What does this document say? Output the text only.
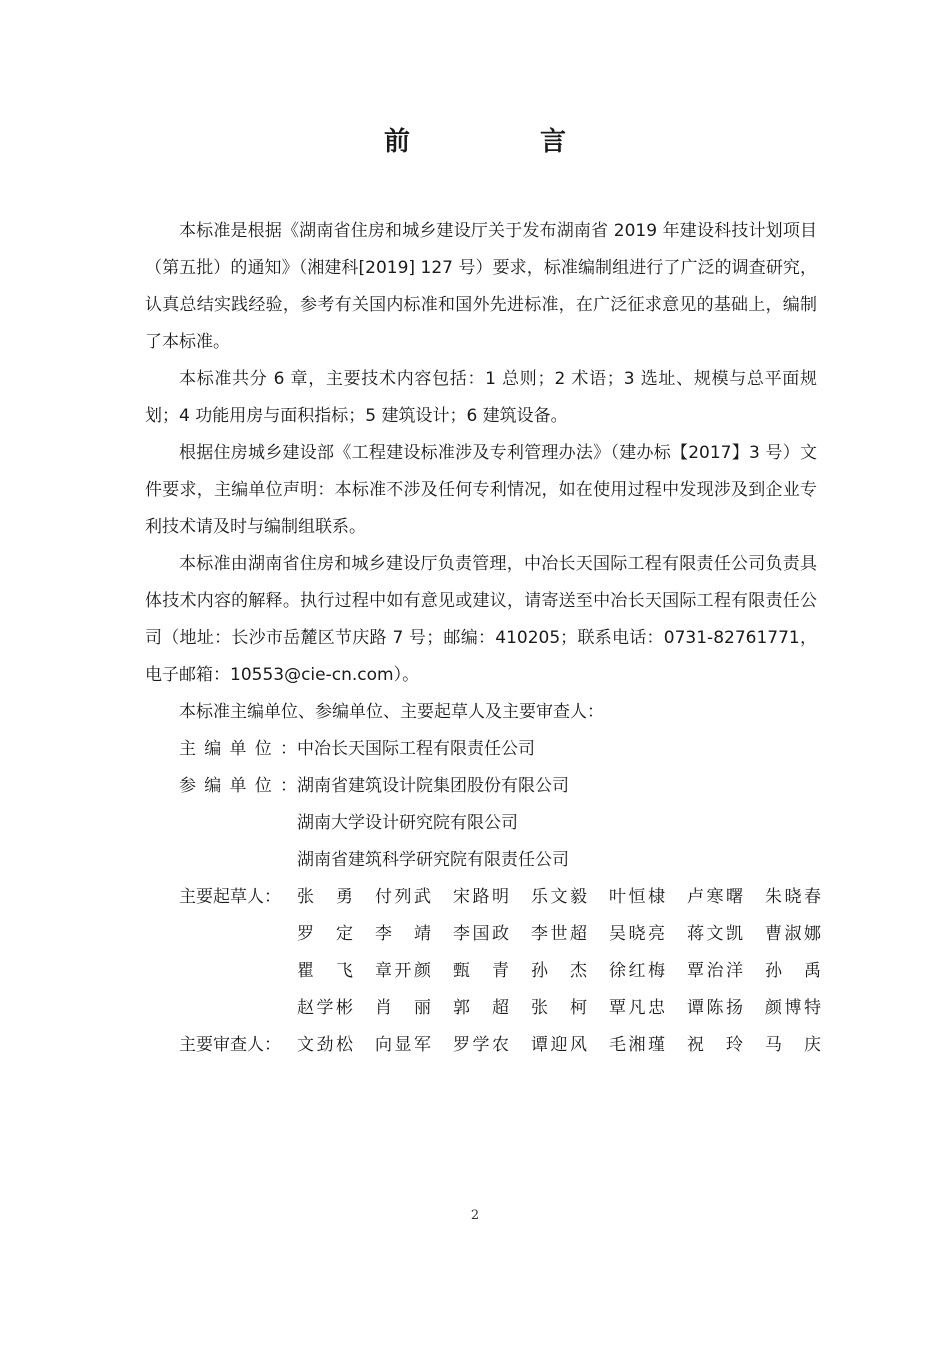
前　言

本标准是根据《湖南省住房和城乡建设厅关于发布湖南省 2019 年建设科技计划项目（第五批）的通知》（湘建科[2019] 127 号）要求，标准编制组进行了广泛的调查研究，认真总结实践经验，参考有关国内标准和国外先进标准，在广泛征求意见的基础上，编制了本标准。

本标准共分 6 章，主要技术内容包括：1 总则；2 术语；3 选址、规模与总平面规划；4 功能用房与面积指标；5 建筑设计；6 建筑设备。

根据住房城乡建设部《工程建设标准涉及专利管理办法》（建办标【2017】3 号）文件要求，主编单位声明：本标准不涉及任何专利情况，如在使用过程中发现涉及到企业专利技术请及时与编制组联系。

本标准由湖南省住房和城乡建设厅负责管理，中冶长天国际工程有限责任公司负责具体技术内容的解释。执行过程中如有意见或建议，请寄送至中冶长天国际工程有限责任公司（地址：长沙市岳麓区节庆路 7 号；邮编：410205；联系电话：0731-82761771，电子邮箱：10553@cie-cn.com）。

本标准主编单位、参编单位、主要起草人及主要审查人：

主 编 单 位 ： 中冶长天国际工程有限责任公司
参 编 单 位 ： 湖南省建筑设计院集团股份有限公司
湖南大学设计研究院有限公司
湖南省建筑科学研究院有限责任公司
主要起草人： 张　勇 付列武 宋路明 乐文毅 叶恒棣 卢寒曙 朱晓春
罗　定 李　靖 李国政 李世超 吴晓亮 蒋文凯 曹淑娜
瞿　飞 章开颜 甄　青 孙　杰 徐红梅 覃治洋 孙　禹
赵学彬 肖　丽 郭　超 张　柯 覃凡忠 谭陈扬 颜博特
主要审查人： 文劲松 向显军 罗学农 谭迎风 毛湘瑾 祝　玲 马　庆
2
